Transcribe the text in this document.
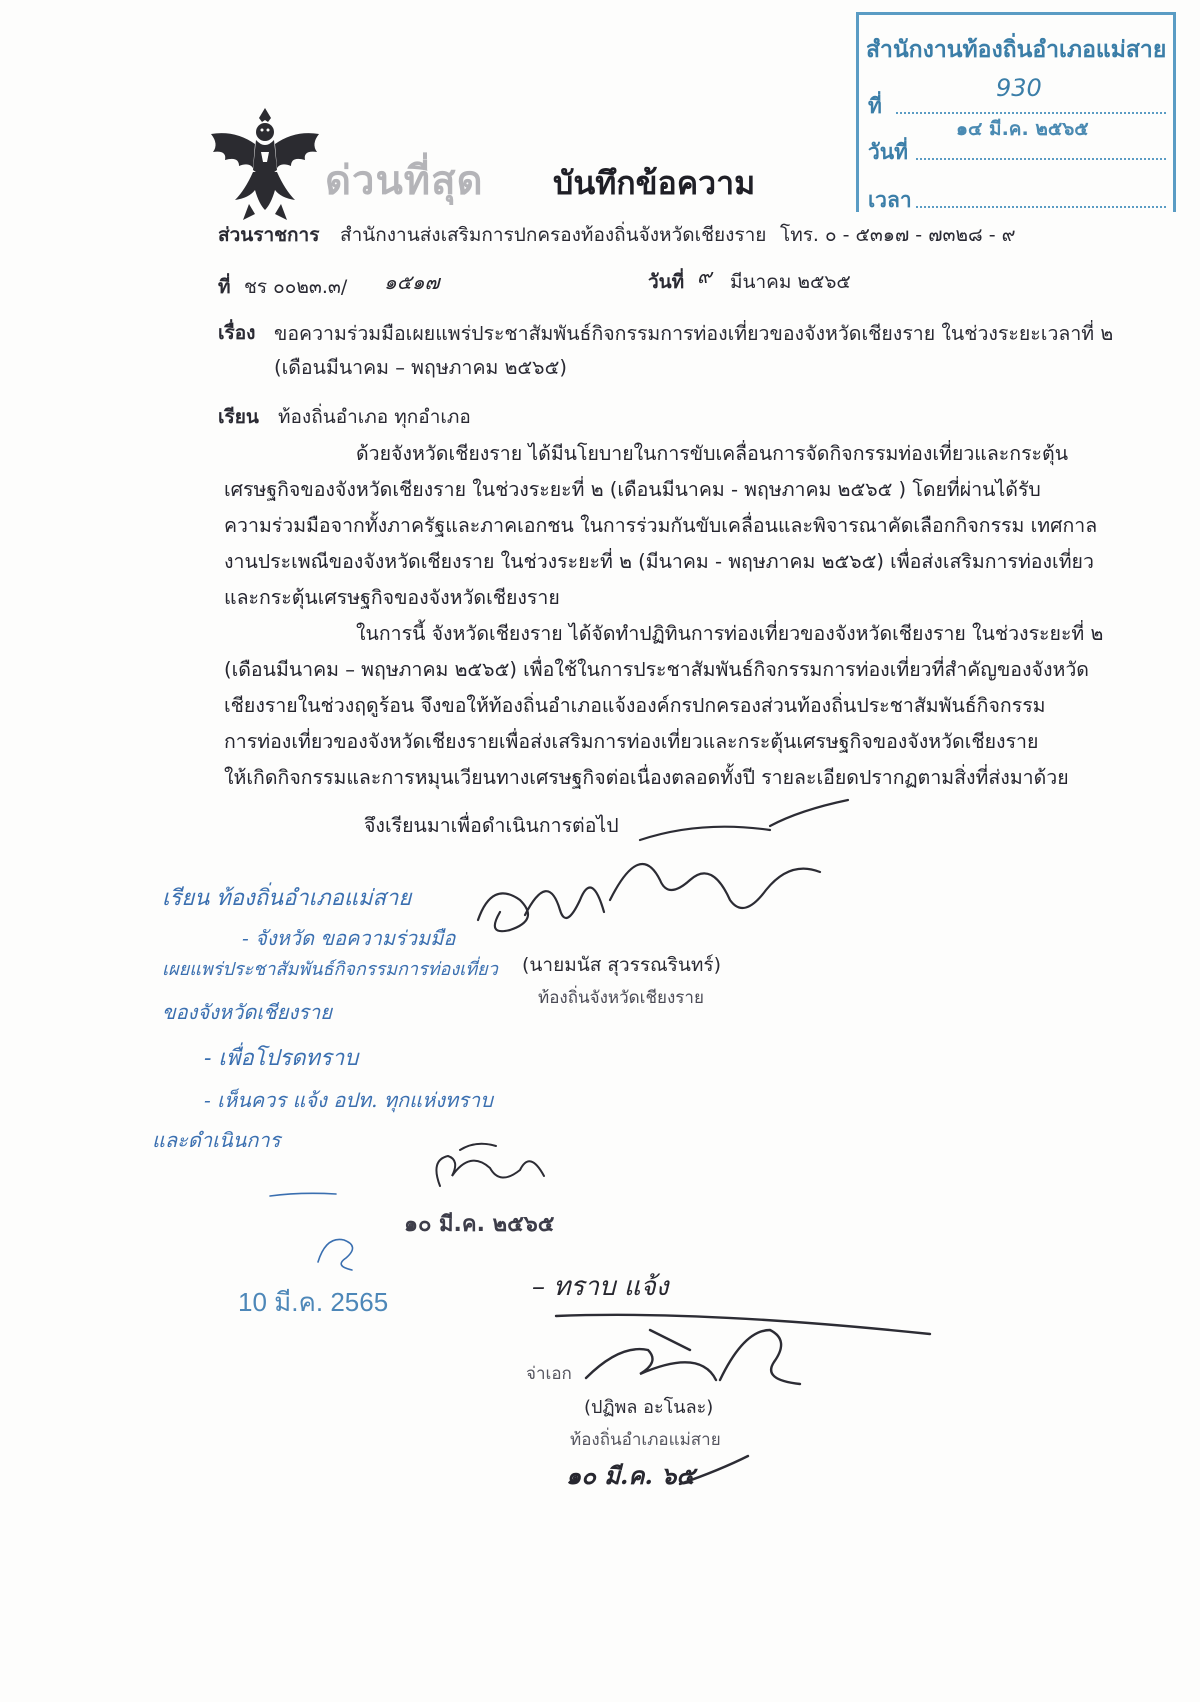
สำนักงานท้องถิ่นอำเภอแม่สาย
ที่
930
วันที่
๑๔ มี.ค. ๒๕๖๕
เวลา
ด่วนที่สุด บันทึกข้อความ
ส่วนราชการ สำนักงานส่งเสริมการปกครองท้องถิ่นจังหวัดเชียงราย โทร. ๐ - ๕๓๑๗ - ๗๓๒๘ - ๙
ที่ ชร ๐๐๒๓.๓/ ๑๕๑๗	วันที่ ๙ มีนาคม ๒๕๖๕
เรื่อง ขอความร่วมมือเผยแพร่ประชาสัมพันธ์กิจกรรมการท่องเที่ยวของจังหวัดเชียงราย ในช่วงระยะเวลาที่ ๒
(เดือนมีนาคม – พฤษภาคม ๒๕๖๕)
เรียน ท้องถิ่นอำเภอ ทุกอำเภอ
ด้วยจังหวัดเชียงราย ได้มีนโยบายในการขับเคลื่อนการจัดกิจกรรมท่องเที่ยวและกระตุ้น
เศรษฐกิจของจังหวัดเชียงราย ในช่วงระยะที่ ๒ (เดือนมีนาคม - พฤษภาคม ๒๕๖๕ ) โดยที่ผ่านได้รับ
ความร่วมมือจากทั้งภาครัฐและภาคเอกชน ในการร่วมกันขับเคลื่อนและพิจารณาคัดเลือกกิจกรรม เทศกาล
งานประเพณีของจังหวัดเชียงราย ในช่วงระยะที่ ๒ (มีนาคม - พฤษภาคม ๒๕๖๕) เพื่อส่งเสริมการท่องเที่ยว
และกระตุ้นเศรษฐกิจของจังหวัดเชียงราย
ในการนี้ จังหวัดเชียงราย ได้จัดทำปฏิทินการท่องเที่ยวของจังหวัดเชียงราย ในช่วงระยะที่ ๒
(เดือนมีนาคม – พฤษภาคม ๒๕๖๕) เพื่อใช้ในการประชาสัมพันธ์กิจกรรมการท่องเที่ยวที่สำคัญของจังหวัด
เชียงรายในช่วงฤดูร้อน จึงขอให้ท้องถิ่นอำเภอแจ้งองค์กรปกครองส่วนท้องถิ่นประชาสัมพันธ์กิจกรรม
การท่องเที่ยวของจังหวัดเชียงรายเพื่อส่งเสริมการท่องเที่ยวและกระตุ้นเศรษฐกิจของจังหวัดเชียงราย
ให้เกิดกิจกรรมและการหมุนเวียนทางเศรษฐกิจต่อเนื่องตลอดทั้งปี รายละเอียดปรากฏตามสิ่งที่ส่งมาด้วย
จึงเรียนมาเพื่อดำเนินการต่อไป
(นายมนัส สุวรรณรินทร์)
ท้องถิ่นจังหวัดเชียงราย
เรียน ท้องถิ่นอำเภอแม่สาย
- จังหวัด ขอความร่วมมือ
เผยแพร่ประชาสัมพันธ์กิจกรรมการท่องเที่ยว
ของจังหวัดเชียงราย
- เพื่อโปรดทราบ
- เห็นควร แจ้ง อปท. ทุกแห่งทราบ
และดำเนินการ
๑๐ มี.ค. ๒๕๖๕
10 มี.ค. 2565	– ทราบ แจ้ง
จ่าเอก
(ปฏิพล อะโนละ)
ท้องถิ่นอำเภอแม่สาย
๑๐ มี.ค. ๖๕
